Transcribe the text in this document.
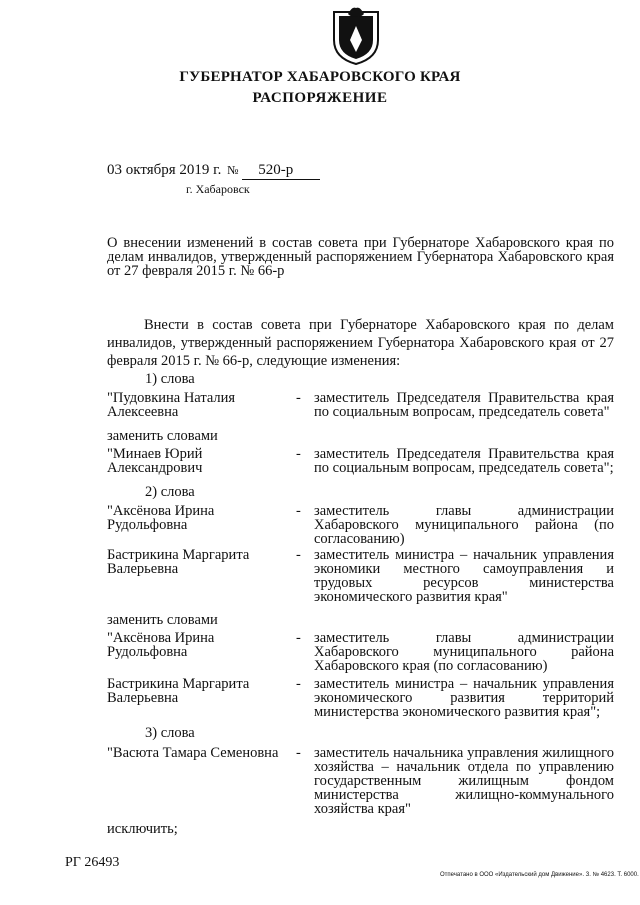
ГУБЕРНАТОР ХАБАРОВСКОГО КРАЯ
РАСПОРЯЖЕНИЕ
03 октября 2019 г. № 520-р
г. Хабаровск
О внесении изменений в состав совета при Губернаторе Хабаровского края по делам инвалидов, утвержденный распоряжением Губернатора Хабаровского края от 27 февраля 2015 г. № 66-р
Внести в состав совета при Губернаторе Хабаровского края по делам инвалидов, утвержденный распоряжением Губернатора Хабаровского края от 27 февраля 2015 г. № 66-р, следующие изменения:
1) слова
"Пудовкина Наталия Алексеевна
- заместитель Председателя Правительства края по социальным вопросам, председатель совета"
заменить словами
"Минаев Юрий Александрович
- заместитель Председателя Правительства края по социальным вопросам, председатель совета";
2) слова
"Аксёнова Ирина Рудольфовна
- заместитель главы администрации Хабаровского муниципального района (по согласованию)
Бастрикина Маргарита Валерьевна
- заместитель министра – начальник управления экономики местного самоуправления и трудовых ресурсов министерства экономического развития края"
заменить словами
"Аксёнова Ирина Рудольфовна
- заместитель главы администрации Хабаровского муниципального района Хабаровского края (по согласованию)
Бастрикина Маргарита Валерьевна
- заместитель министра – начальник управления экономического развития территорий министерства экономического развития края";
3) слова
"Васюта Тамара Семеновна	- заместитель начальника управления жилищного хозяйства – начальник отдела по управлению государственным жилищным фондом министерства жилищно-коммунального хозяйства края"
исключить;
РГ 26493
Отпечатано в ООО «Издательский дом Движение». З. № 4623. Т. 6000.
